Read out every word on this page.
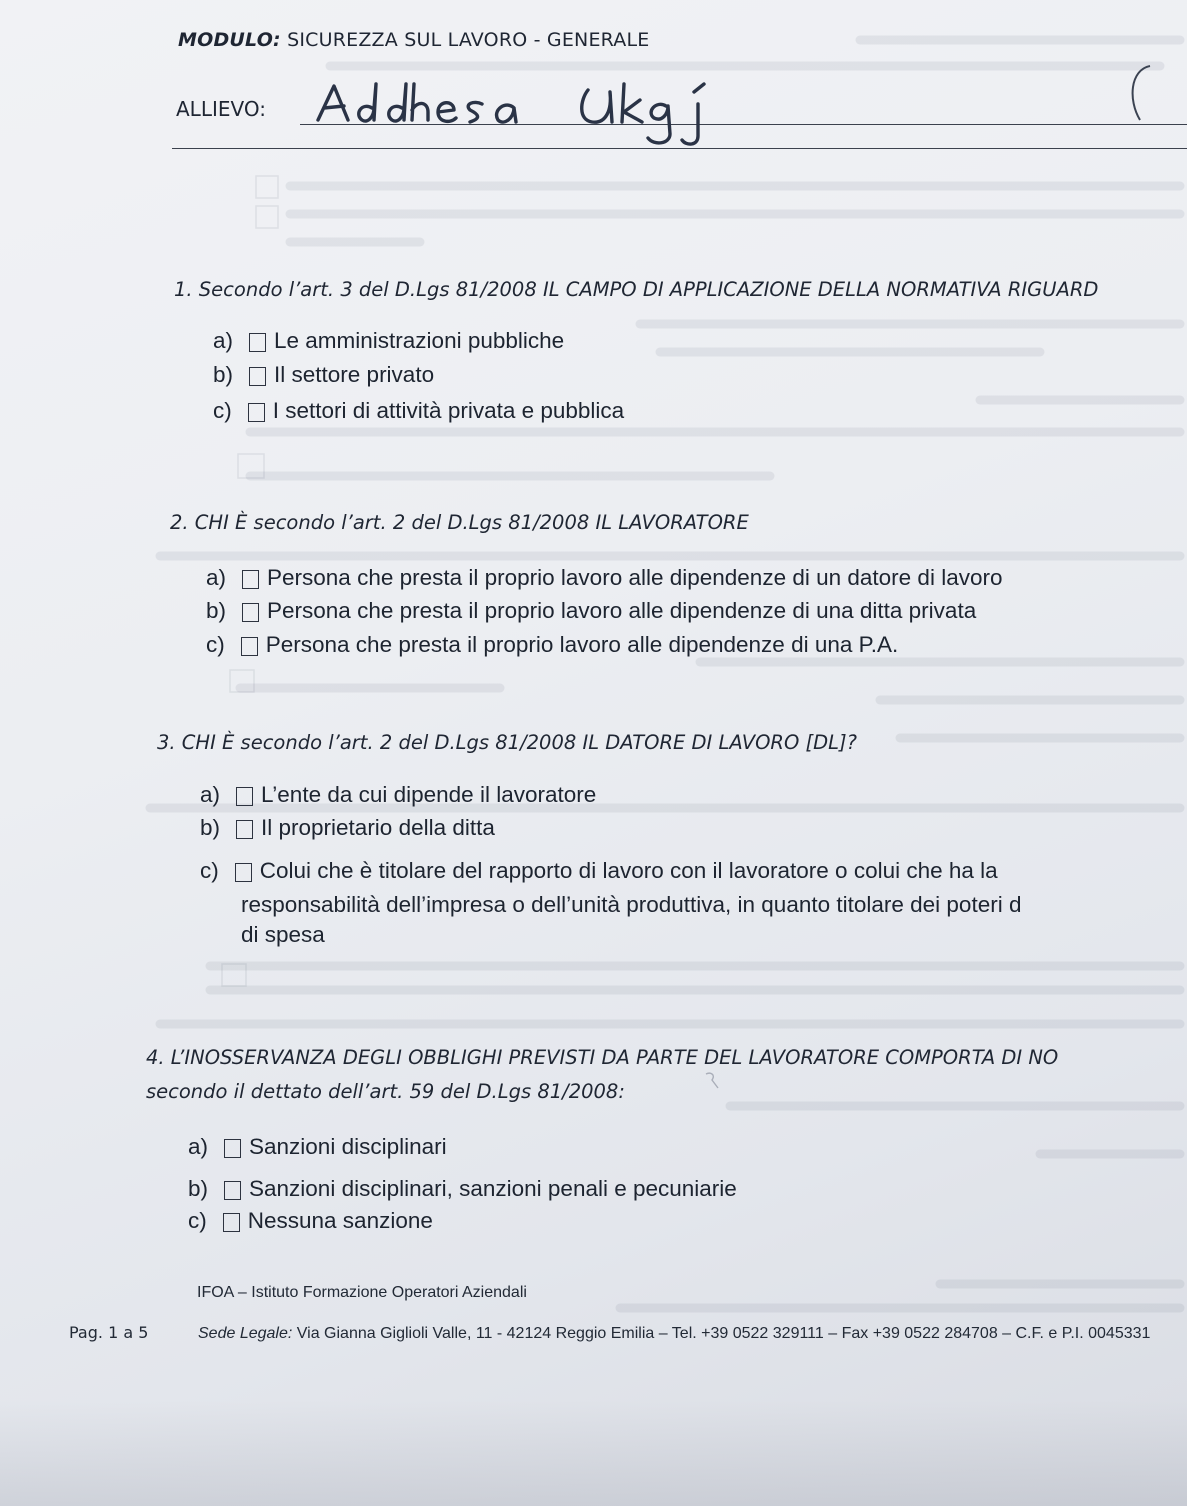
MODULO: SICUREZZA SUL LAVORO - GENERALE
ALLIEVO:
1. Secondo l’art. 3 del D.Lgs 81/2008 IL CAMPO DI APPLICAZIONE DELLA NORMATIVA RIGUARD
a) Le amministrazioni pubbliche
b) Il settore privato
c) I settori di attività privata e pubblica
2. CHI È secondo l’art. 2 del D.Lgs 81/2008 IL LAVORATORE
a) Persona che presta il proprio lavoro alle dipendenze di un datore di lavoro
b) Persona che presta il proprio lavoro alle dipendenze di una ditta privata
c) Persona che presta il proprio lavoro alle dipendenze di una P.A.
3. CHI È secondo l’art. 2 del D.Lgs 81/2008 IL DATORE DI LAVORO [DL]?
a) L’ente da cui dipende il lavoratore
b) Il proprietario della ditta
c) Colui che è titolare del rapporto di lavoro con il lavoratore o colui che ha la
responsabilità dell’impresa o dell’unità produttiva, in quanto titolare dei poteri d
di spesa
4. L’INOSSERVANZA DEGLI OBBLIGHI PREVISTI DA PARTE DEL LAVORATORE COMPORTA DI NO
secondo il dettato dell’art. 59 del D.Lgs 81/2008:
a) Sanzioni disciplinari
b) Sanzioni disciplinari, sanzioni penali e pecuniarie
c) Nessuna sanzione
IFOA – Istituto Formazione Operatori Aziendali
Pag. 1 a 5	Sede Legale: Via Gianna Giglioli Valle, 11 - 42124 Reggio Emilia – Tel. +39 0522 329111 – Fax +39 0522 284708 – C.F. e P.I. 0045331
